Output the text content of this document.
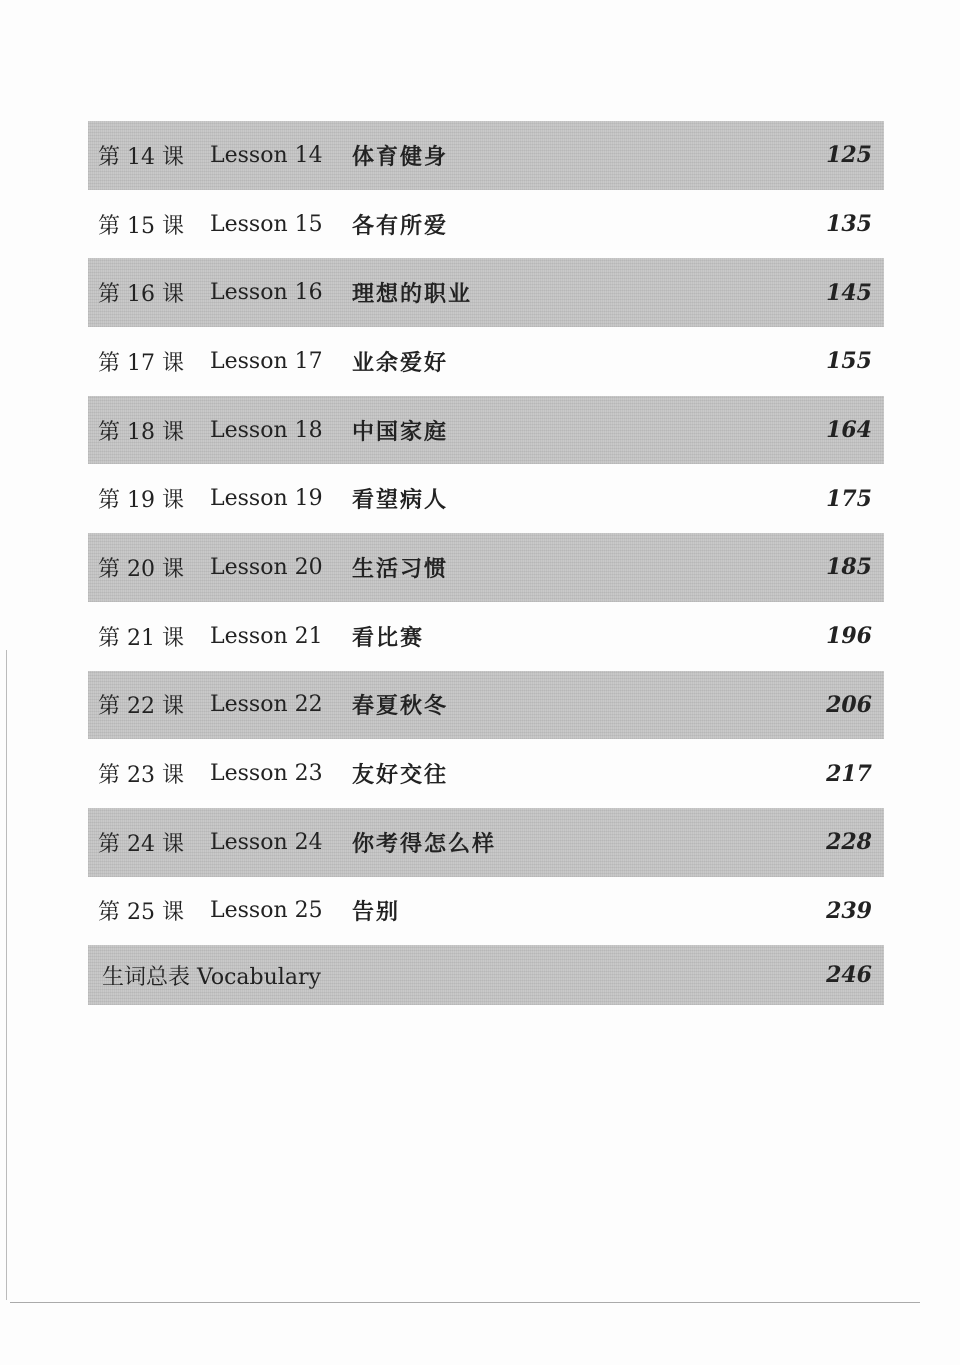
第 14 课 Lesson 14 体育健身	125
第 15 课 Lesson 15 各有所爱	135
第 16 课 Lesson 16 理想的职业	145
第 17 课 Lesson 17 业余爱好	155
第 18 课 Lesson 18 中国家庭	164
第 19 课 Lesson 19 看望病人	175
第 20 课 Lesson 20 生活习惯	185
第 21 课 Lesson 21 看比赛	196
第 22 课 Lesson 22 春夏秋冬	206
第 23 课 Lesson 23 友好交往	217
第 24 课 Lesson 24 你考得怎么样	228
第 25 课 Lesson 25 告别	239
生词总表 Vocabulary	246
